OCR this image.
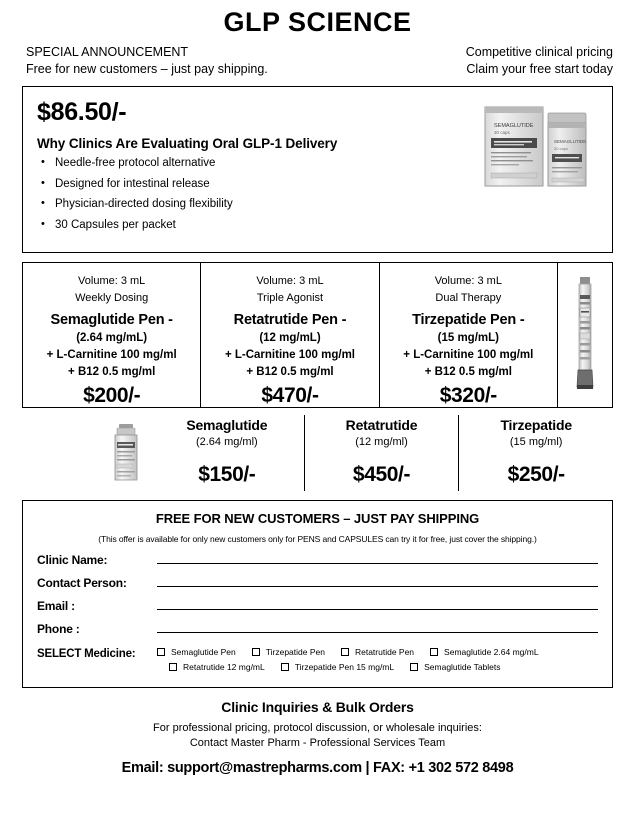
GLP SCIENCE
SPECIAL ANNOUNCEMENT
Free for new customers – just pay shipping.
Competitive clinical pricing
Claim your free start today
$86.50/-
Why Clinics Are Evaluating Oral GLP-1 Delivery
• Needle-free protocol alternative
• Designed for intestinal release
• Physician-directed dosing flexibility
• 30 Capsules per packet
SEMAGLUTIDE
30 caps
SEMAGLUTIDE
30 caps
Volume: 3 mL
Weekly Dosing
Semaglutide Pen -
(2.64 mg/mL)
+ L-Carnitine 100 mg/ml
+ B12 0.5 mg/ml
$200/-
Volume: 3 mL
Triple Agonist
Retatrutide Pen -
(12 mg/mL)
+ L-Carnitine 100 mg/ml
+ B12 0.5 mg/ml
$470/-
Volume: 3 mL
Dual Therapy
Tirzepatide Pen -
(15 mg/mL)
+ L-Carnitine 100 mg/ml
+ B12 0.5 mg/ml
$320/-
Semaglutide
(2.64 mg/ml)
$150/-
Retatrutide
(12 mg/ml)
$450/-
Tirzepatide
(15 mg/ml)
$250/-
FREE FOR NEW CUSTOMERS – JUST PAY SHIPPING
(This offer is available for only new customers only for PENS and CAPSULES can try it for free, just cover the shipping.)
Clinic Name:
Contact Person:
Email :
Phone :
SELECT Medicine:	Semaglutide Pen	Tirzepatide Pen	Retatrutide Pen	Semaglutide 2.64 mg/mL
Retatrutide 12 mg/mL	Tirzepatide Pen 15 mg/mL	Semaglutide Tablets
Clinic Inquiries & Bulk Orders
For professional pricing, protocol discussion, or wholesale inquiries:
Contact Master Pharm - Professional Services Team
Email: support@mastrepharms.com | FAX: +1 302 572 8498
